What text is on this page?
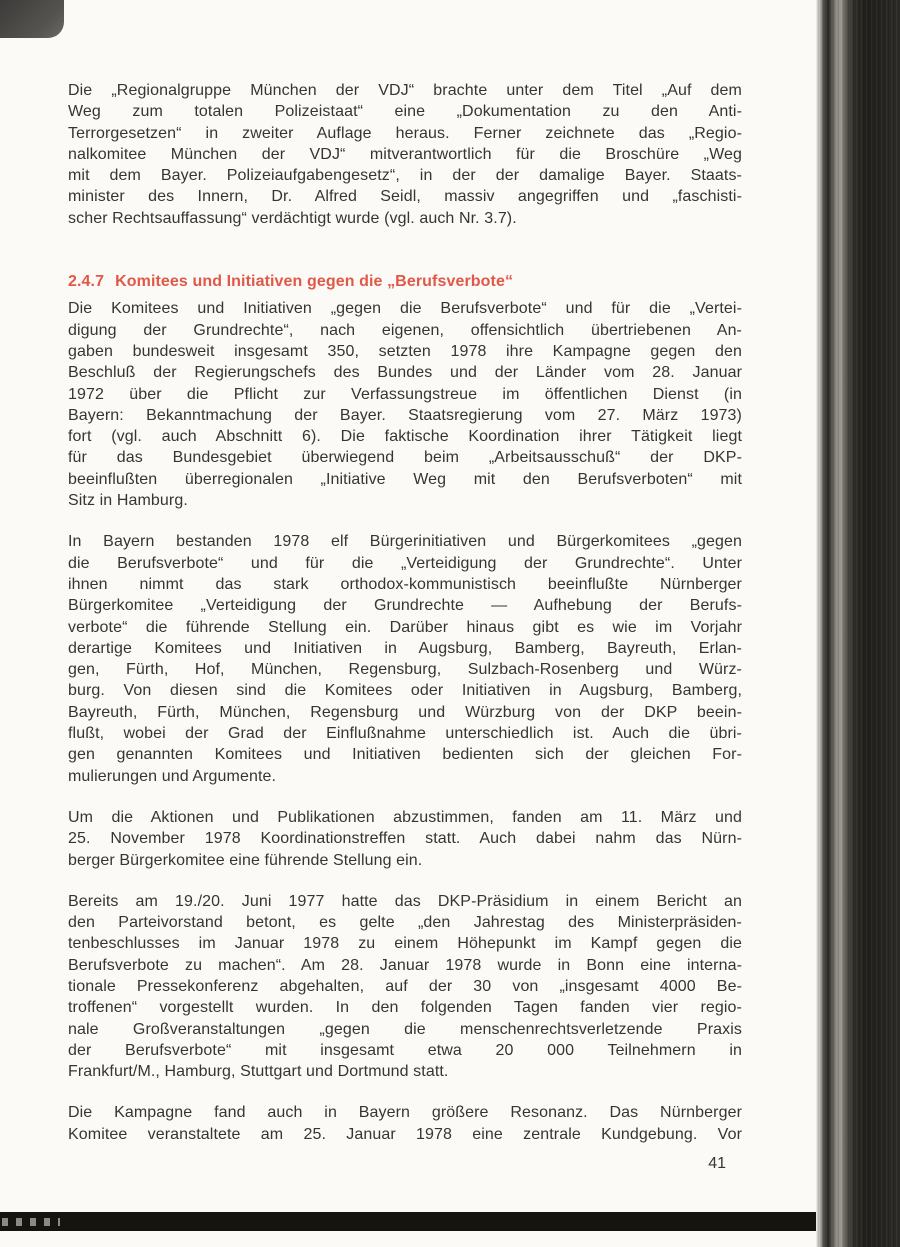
Die „Regionalgruppe München der VDJ“ brachte unter dem Titel „Auf dem
Weg zum totalen Polizeistaat“ eine „Dokumentation zu den Anti-
Terrorgesetzen“ in zweiter Auflage heraus. Ferner zeichnete das „Regio-
nalkomitee München der VDJ“ mitverantwortlich für die Broschüre „Weg
mit dem Bayer. Polizeiaufgabengesetz“, in der der damalige Bayer. Staats-
minister des Innern, Dr. Alfred Seidl, massiv angegriffen und „faschisti-
scher Rechtsauffassung“ verdächtigt wurde (vgl. auch Nr. 3.7).
2.4.7 Komitees und Initiativen gegen die „Berufsverbote“
Die Komitees und Initiativen „gegen die Berufsverbote“ und für die „Vertei-
digung der Grundrechte“, nach eigenen, offensichtlich übertriebenen An-
gaben bundesweit insgesamt 350, setzten 1978 ihre Kampagne gegen den
Beschluß der Regierungschefs des Bundes und der Länder vom 28. Januar
1972 über die Pflicht zur Verfassungstreue im öffentlichen Dienst (in
Bayern: Bekanntmachung der Bayer. Staatsregierung vom 27. März 1973)
fort (vgl. auch Abschnitt 6). Die faktische Koordination ihrer Tätigkeit liegt
für das Bundesgebiet überwiegend beim „Arbeitsausschuß“ der DKP-
beeinflußten überregionalen „Initiative Weg mit den Berufsverboten“ mit
Sitz in Hamburg.
In Bayern bestanden 1978 elf Bürgerinitiativen und Bürgerkomitees „gegen
die Berufsverbote“ und für die „Verteidigung der Grundrechte“. Unter
ihnen nimmt das stark orthodox-kommunistisch beeinflußte Nürnberger
Bürgerkomitee „Verteidigung der Grundrechte — Aufhebung der Berufs-
verbote“ die führende Stellung ein. Darüber hinaus gibt es wie im Vorjahr
derartige Komitees und Initiativen in Augsburg, Bamberg, Bayreuth, Erlan-
gen, Fürth, Hof, München, Regensburg, Sulzbach-Rosenberg und Würz-
burg. Von diesen sind die Komitees oder Initiativen in Augsburg, Bamberg,
Bayreuth, Fürth, München, Regensburg und Würzburg von der DKP beein-
flußt, wobei der Grad der Einflußnahme unterschiedlich ist. Auch die übri-
gen genannten Komitees und Initiativen bedienten sich der gleichen For-
mulierungen und Argumente.
Um die Aktionen und Publikationen abzustimmen, fanden am 11. März und
25. November 1978 Koordinationstreffen statt. Auch dabei nahm das Nürn-
berger Bürgerkomitee eine führende Stellung ein.
Bereits am 19./20. Juni 1977 hatte das DKP-Präsidium in einem Bericht an
den Parteivorstand betont, es gelte „den Jahrestag des Ministerpräsiden-
tenbeschlusses im Januar 1978 zu einem Höhepunkt im Kampf gegen die
Berufsverbote zu machen“. Am 28. Januar 1978 wurde in Bonn eine interna-
tionale Pressekonferenz abgehalten, auf der 30 von „insgesamt 4000 Be-
troffenen“ vorgestellt wurden. In den folgenden Tagen fanden vier regio-
nale Großveranstaltungen „gegen die menschenrechtsverletzende Praxis
der Berufsverbote“ mit insgesamt etwa 20 000 Teilnehmern in
Frankfurt/M., Hamburg, Stuttgart und Dortmund statt.
Die Kampagne fand auch in Bayern größere Resonanz. Das Nürnberger
Komitee veranstaltete am 25. Januar 1978 eine zentrale Kundgebung. Vor
41
